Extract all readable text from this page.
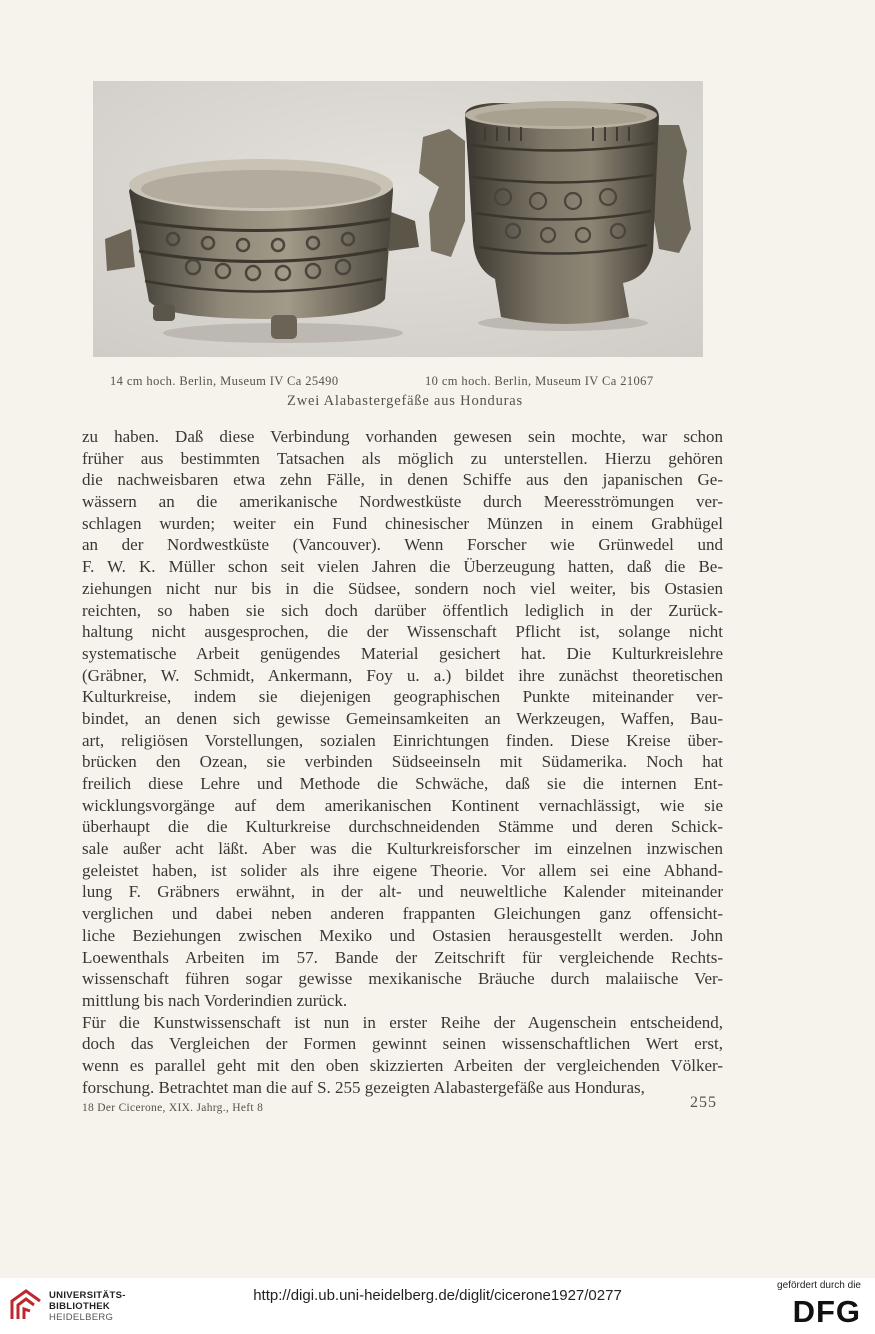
14 cm hoch. Berlin, Museum IV Ca 25490	10 cm hoch. Berlin, Museum IV Ca 21067
Zwei Alabastergefäße aus Honduras
zu haben. Daß diese Verbindung vorhanden gewesen sein mochte, war schon
früher aus bestimmten Tatsachen als möglich zu unterstellen. Hierzu gehören
die nachweisbaren etwa zehn Fälle, in denen Schiffe aus den japanischen Ge-
wässern an die amerikanische Nordwestküste durch Meeresströmungen ver-
schlagen wurden; weiter ein Fund chinesischer Münzen in einem Grabhügel
an der Nordwestküste (Vancouver). Wenn Forscher wie Grünwedel und
F. W. K. Müller schon seit vielen Jahren die Überzeugung hatten, daß die Be-
ziehungen nicht nur bis in die Südsee, sondern noch viel weiter, bis Ostasien
reichten, so haben sie sich doch darüber öffentlich lediglich in der Zurück-
haltung nicht ausgesprochen, die der Wissenschaft Pflicht ist, solange nicht
systematische Arbeit genügendes Material gesichert hat. Die Kulturkreislehre
(Gräbner, W. Schmidt, Ankermann, Foy u. a.) bildet ihre zunächst theoretischen
Kulturkreise, indem sie diejenigen geographischen Punkte miteinander ver-
bindet, an denen sich gewisse Gemeinsamkeiten an Werkzeugen, Waffen, Bau-
art, religiösen Vorstellungen, sozialen Einrichtungen finden. Diese Kreise über-
brücken den Ozean, sie verbinden Südseeinseln mit Südamerika. Noch hat
freilich diese Lehre und Methode die Schwäche, daß sie die internen Ent-
wicklungsvorgänge auf dem amerikanischen Kontinent vernachlässigt, wie sie
überhaupt die die Kulturkreise durchschneidenden Stämme und deren Schick-
sale außer acht läßt. Aber was die Kulturkreisforscher im einzelnen inzwischen
geleistet haben, ist solider als ihre eigene Theorie. Vor allem sei eine Abhand-
lung F. Gräbners erwähnt, in der alt- und neuweltliche Kalender miteinander
verglichen und dabei neben anderen frappanten Gleichungen ganz offensicht-
liche Beziehungen zwischen Mexiko und Ostasien herausgestellt werden. John
Loewenthals Arbeiten im 57. Bande der Zeitschrift für vergleichende Rechts-
wissenschaft führen sogar gewisse mexikanische Bräuche durch malaiische Ver-
mittlung bis nach Vorderindien zurück.
Für die Kunstwissenschaft ist nun in erster Reihe der Augenschein entscheidend,
doch das Vergleichen der Formen gewinnt seinen wissenschaftlichen Wert erst,
wenn es parallel geht mit den oben skizzierten Arbeiten der vergleichenden Völker-
forschung. Betrachtet man die auf S. 255 gezeigten Alabastergefäße aus Honduras,
18 Der Cicerone, XIX. Jahrg., Heft 8	255
UNIVERSITÄTS-
BIBLIOTHEK
HEIDELBERG
http://digi.ub.uni-heidelberg.de/diglit/cicerone1927/0277
gefördert durch die
DFG
